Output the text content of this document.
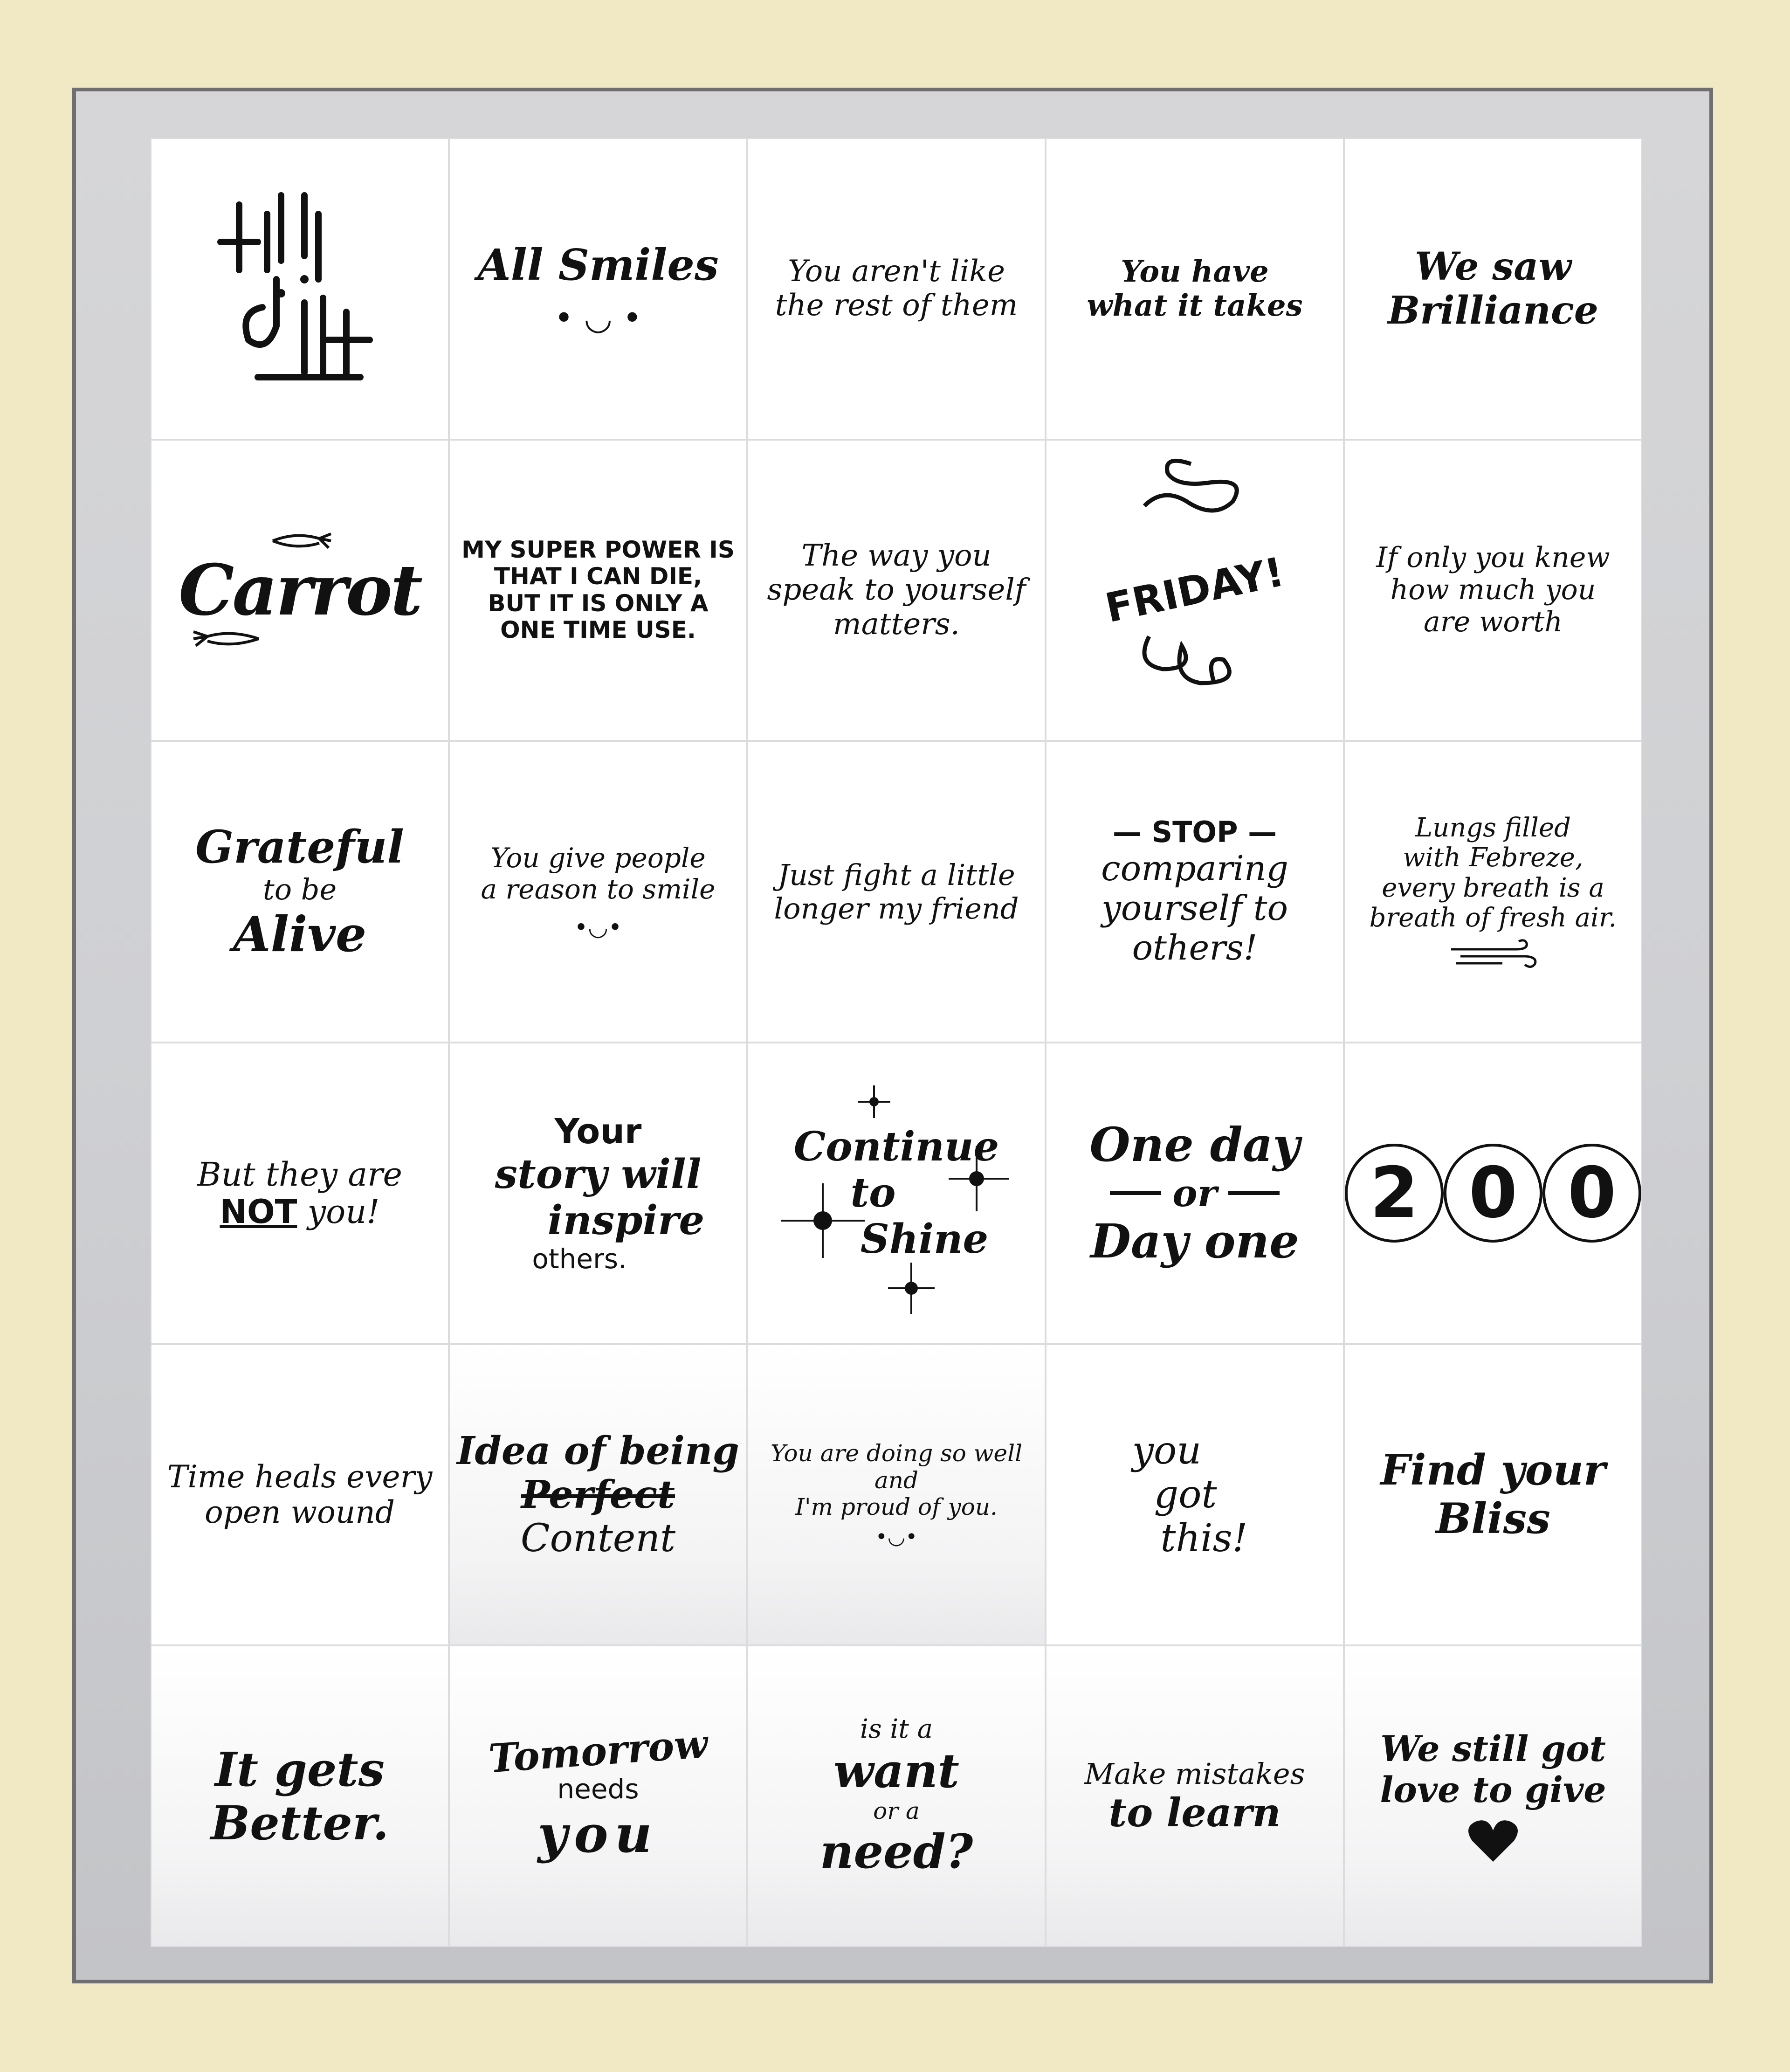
All Smiles
• ◡ •
You aren't like
the rest of them
You have
what it takes
We saw
Brilliance
Carrot MY SUPER POWER IS
THAT I CAN DIE,
BUT IT IS ONLY A
ONE TIME USE.
The way you
speak to yourself
matters.	FRIDAY!	If only you knew
how much you
are worth
Grateful
to be
Alive
You give people
a reason to smile
•◡•
Just fight a little
longer my friend
— STOP —
comparing
yourself to
others!
Lungs filled
with Febreze,
every breath is a
breath of fresh air.
But they are
NOT you!
Your
story will
inspire
others.
Continue
to
Shine
One day
or
Day one
2 0 0
Time heals every
open wound
Idea of being
Perfect
Content
You are doing so well
and
I'm proud of you.
•◡•
you
got
this!
Find your
Bliss
It gets
Better.
Tomorrow
needs
you
is it a
want
or a
need?
Make mistakes
to learn
We still got
love to give
